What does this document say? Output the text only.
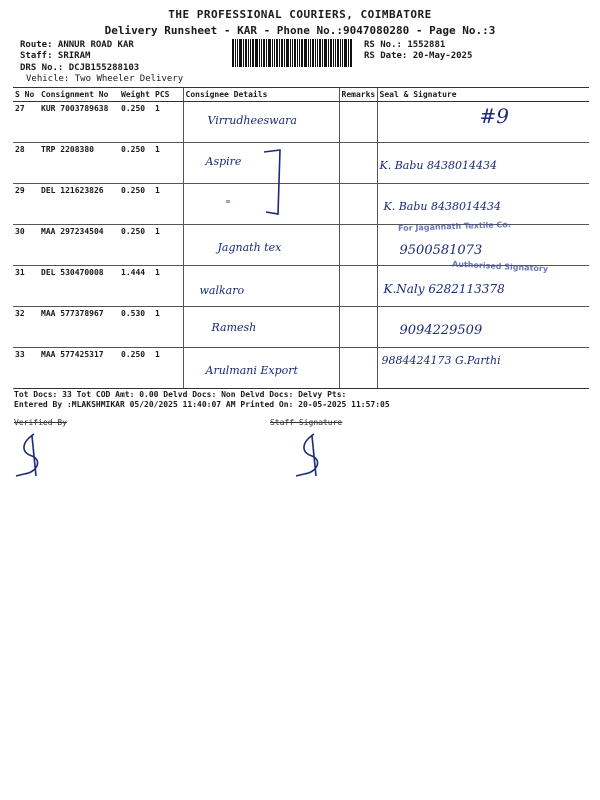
THE PROFESSIONAL COURIERS, COIMBATORE
Delivery Runsheet - KAR - Phone No.:9047080280 - Page No.:3
Route: ANNUR ROAD KAR
Staff: SRIRAM
DRS No.: DCJB155288103
Vehicle: Two Wheeler Delivery
RS No.: 1552881
RS Date: 20-May-2025
S No	Consignment No	Weight	PCS	Consignee Details	Remarks	Seal & Signature
27	KUR 7003789638	0.250	1	Virrudheeswara		#9

28	TRP 2208380	0.250	1	Aspire		K. Babu 8438014434

29	DEL 121623826	0.250	1	"		K. Babu 8438014434

30	MAA 297234504	0.250	1	Jagnath tex		9500581073

31	DEL 530470008	1.444	1	walkaro		K.Naly 6282113378

32	MAA 577378967	0.530	1	Ramesh		9094229509

33	MAA 577425317	0.250	1	Arulmani Export		9884424173 G.Parthi
For Jagannath Textile Co.
Authorised Signatory
Tot Docs: 33 Tot COD Amt: 0.00 Delvd Docs: Non Delvd Docs: Delvy Pts:
Entered By :MLAKSHMIKAR 05/20/2025 11:40:07 AM Printed On: 20-05-2025 11:57:05
Verified By	Staff Signature
